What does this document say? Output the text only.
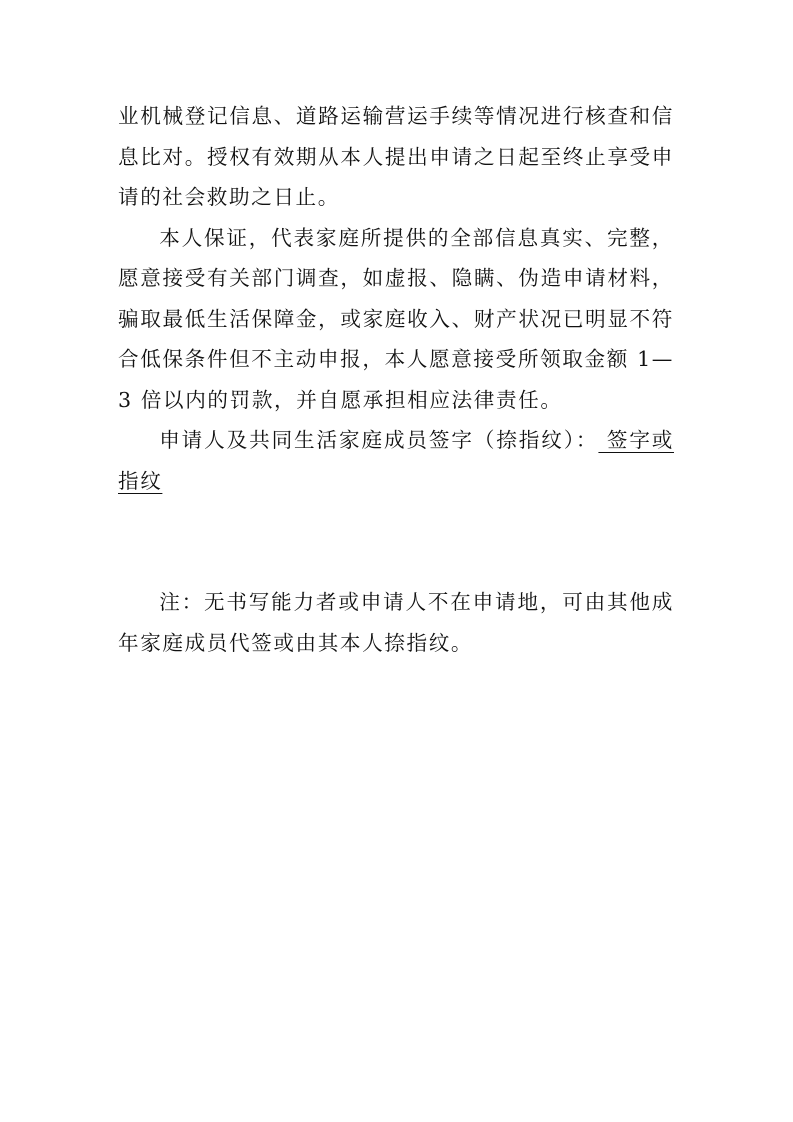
业机械登记信息、道路运输营运手续等情况进行核查和信息比对。授权有效期从本人提出申请之日起至终止享受申请的社会救助之日止。

本人保证，代表家庭所提供的全部信息真实、完整，愿意接受有关部门调查，如虚报、隐瞒、伪造申请材料，骗取最低生活保障金，或家庭收入、财产状况已明显不符合低保条件但不主动申报，本人愿意接受所领取金额 1—3 倍以内的罚款，并自愿承担相应法律责任。

申请人及共同生活家庭成员签字（捺指纹）： 签字或指纹

注：无书写能力者或申请人不在申请地，可由其他成年家庭成员代签或由其本人捺指纹。
